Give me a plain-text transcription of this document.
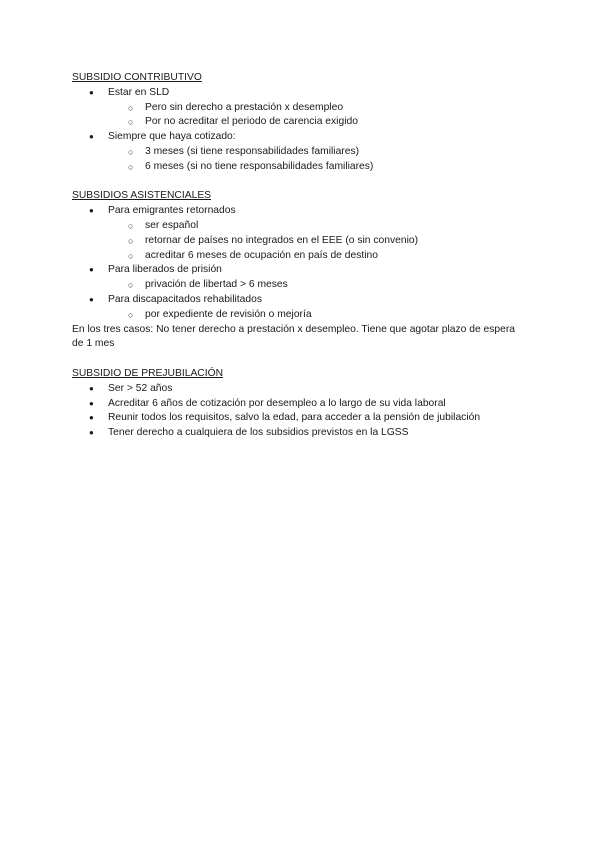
SUBSIDIO CONTRIBUTIVO
●	Estar en SLD
○	Pero sin derecho a prestación x desempleo
○	Por no acreditar el periodo de carencia exigido
●	Siempre que haya cotizado:
○	3 meses (si tiene responsabilidades familiares)
○	6 meses (si no tiene responsabilidades familiares)
SUBSIDIOS ASISTENCIALES
●	Para emigrantes retornados
○	ser español
○	retornar de países no integrados en el EEE (o sin convenio)
○	acreditar 6 meses de ocupación en país de destino
●	Para liberados de prisión
○	privación de libertad > 6 meses
●	Para discapacitados rehabilitados
○	por expediente de revisión o mejoría

En los tres casos: No tener derecho a prestación x desempleo. Tiene que agotar plazo de espera de 1 mes

SUBSIDIO DE PREJUBILACIÓN
●	Ser > 52 años
●	Acreditar 6 años de cotización por desempleo a lo largo de su vida laboral
●	Reunir todos los requisitos, salvo la edad, para acceder a la pensión de jubilación
●	Tener derecho a cualquiera de los subsidios previstos en la LGSS
